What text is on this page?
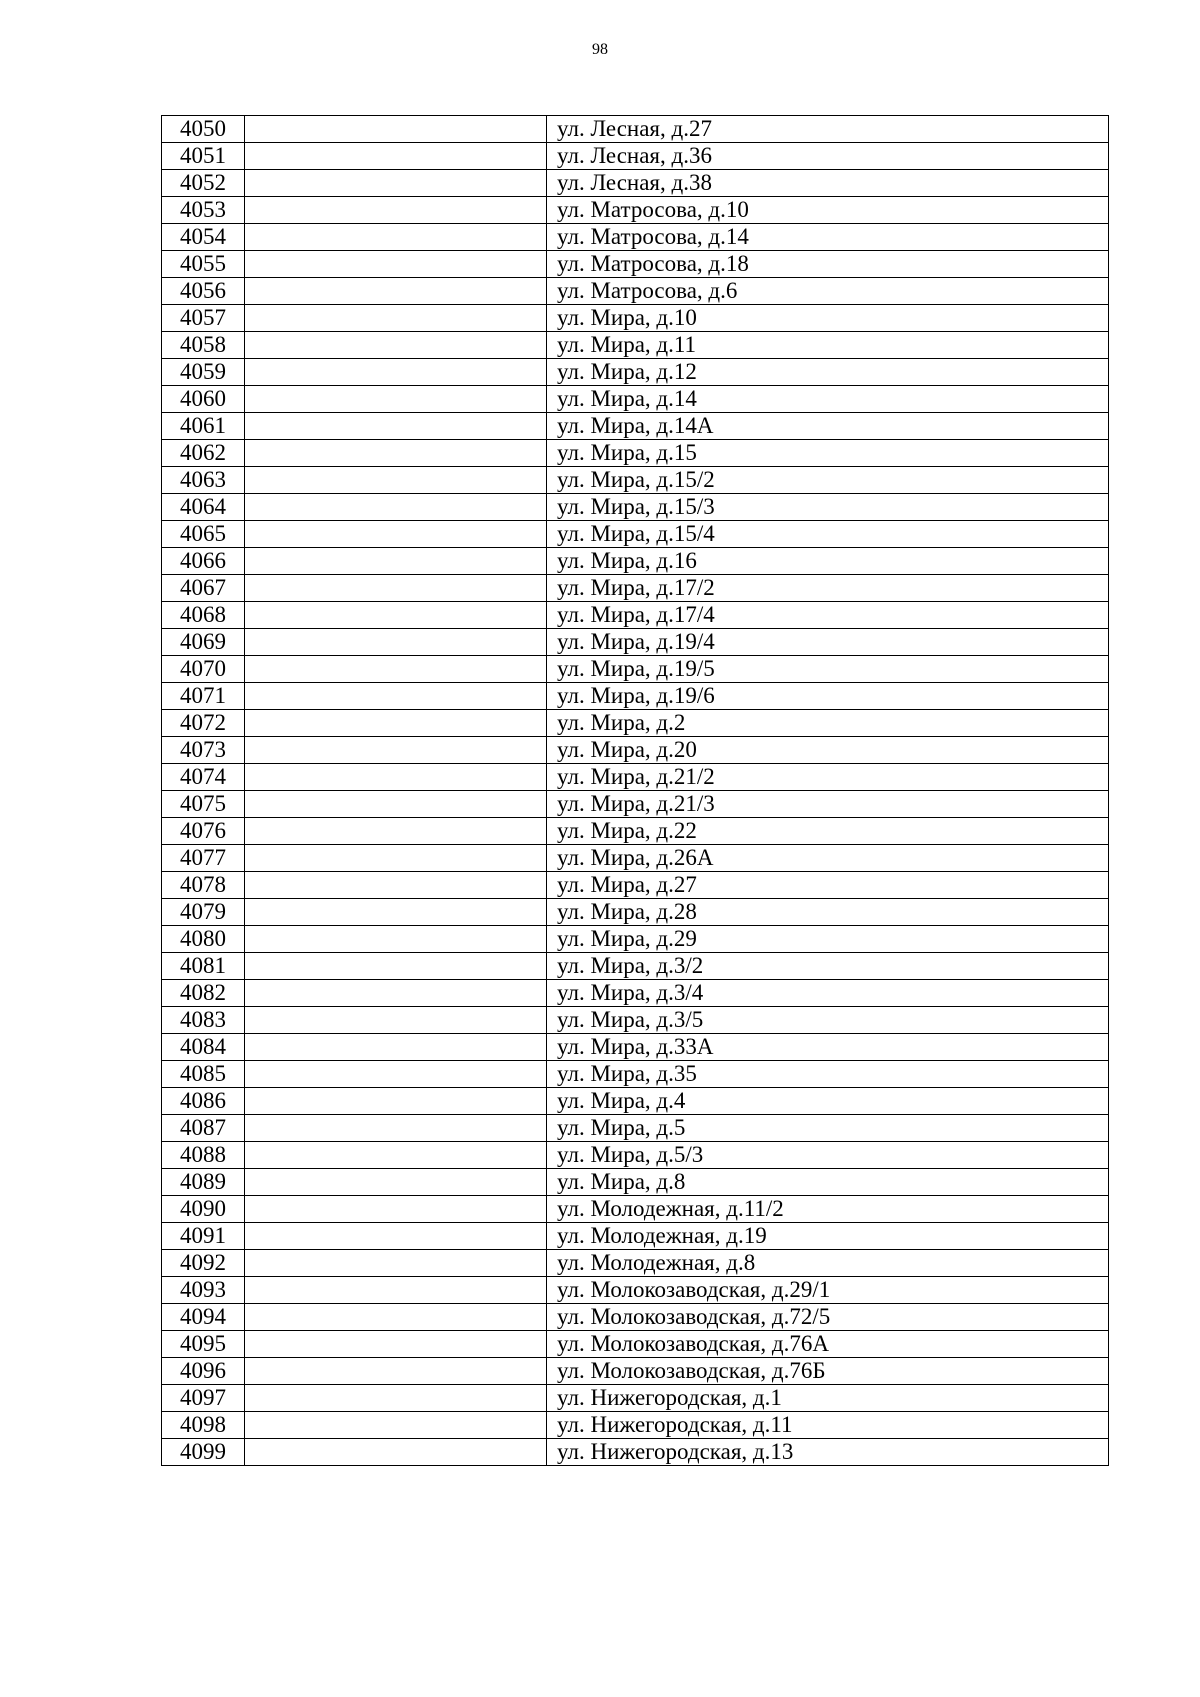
98
4050		ул. Лесная, д.27
4051		ул. Лесная, д.36
4052		ул. Лесная, д.38
4053		ул. Матросова, д.10
4054		ул. Матросова, д.14
4055		ул. Матросова, д.18
4056		ул. Матросова, д.6
4057		ул. Мира, д.10
4058		ул. Мира, д.11
4059		ул. Мира, д.12
4060		ул. Мира, д.14
4061		ул. Мира, д.14А
4062		ул. Мира, д.15
4063		ул. Мира, д.15/2
4064		ул. Мира, д.15/3
4065		ул. Мира, д.15/4
4066		ул. Мира, д.16
4067		ул. Мира, д.17/2
4068		ул. Мира, д.17/4
4069		ул. Мира, д.19/4
4070		ул. Мира, д.19/5
4071		ул. Мира, д.19/6
4072		ул. Мира, д.2
4073		ул. Мира, д.20
4074		ул. Мира, д.21/2
4075		ул. Мира, д.21/3
4076		ул. Мира, д.22
4077		ул. Мира, д.26А
4078		ул. Мира, д.27
4079		ул. Мира, д.28
4080		ул. Мира, д.29
4081		ул. Мира, д.3/2
4082		ул. Мира, д.3/4
4083		ул. Мира, д.3/5
4084		ул. Мира, д.33А
4085		ул. Мира, д.35
4086		ул. Мира, д.4
4087		ул. Мира, д.5
4088		ул. Мира, д.5/3
4089		ул. Мира, д.8
4090		ул. Молодежная, д.11/2
4091		ул. Молодежная, д.19
4092		ул. Молодежная, д.8
4093		ул. Молокозаводская, д.29/1
4094		ул. Молокозаводская, д.72/5
4095		ул. Молокозаводская, д.76А
4096		ул. Молокозаводская, д.76Б
4097		ул. Нижегородская, д.1
4098		ул. Нижегородская, д.11
4099		ул. Нижегородская, д.13
